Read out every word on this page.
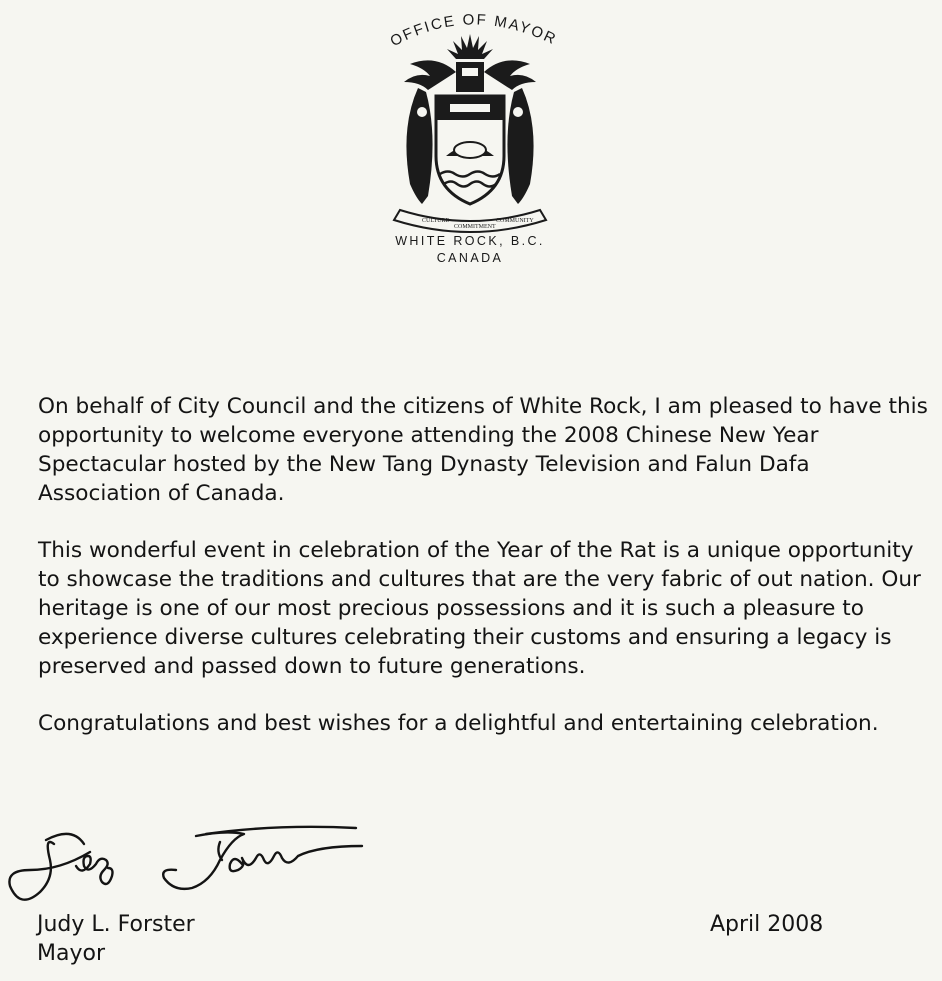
OFFICE OF MAYOR
CULTURE
COMMITMENT
COMMUNITY
WHITE ROCK, B.C.
CANADA

On behalf of City Council and the citizens of White Rock, I am pleased to have this opportunity to welcome everyone attending the 2008 Chinese New Year Spectacular hosted by the New Tang Dynasty Television and Falun Dafa Association of Canada.

This wonderful event in celebration of the Year of the Rat is a unique opportunity to showcase the traditions and cultures that are the very fabric of out nation. Our heritage is one of our most precious possessions and it is such a pleasure to experience diverse cultures celebrating their customs and ensuring a legacy is preserved and passed down to future generations.

Congratulations and best wishes for a delightful and entertaining celebration.

Judy L. Forster
Mayor
April 2008
